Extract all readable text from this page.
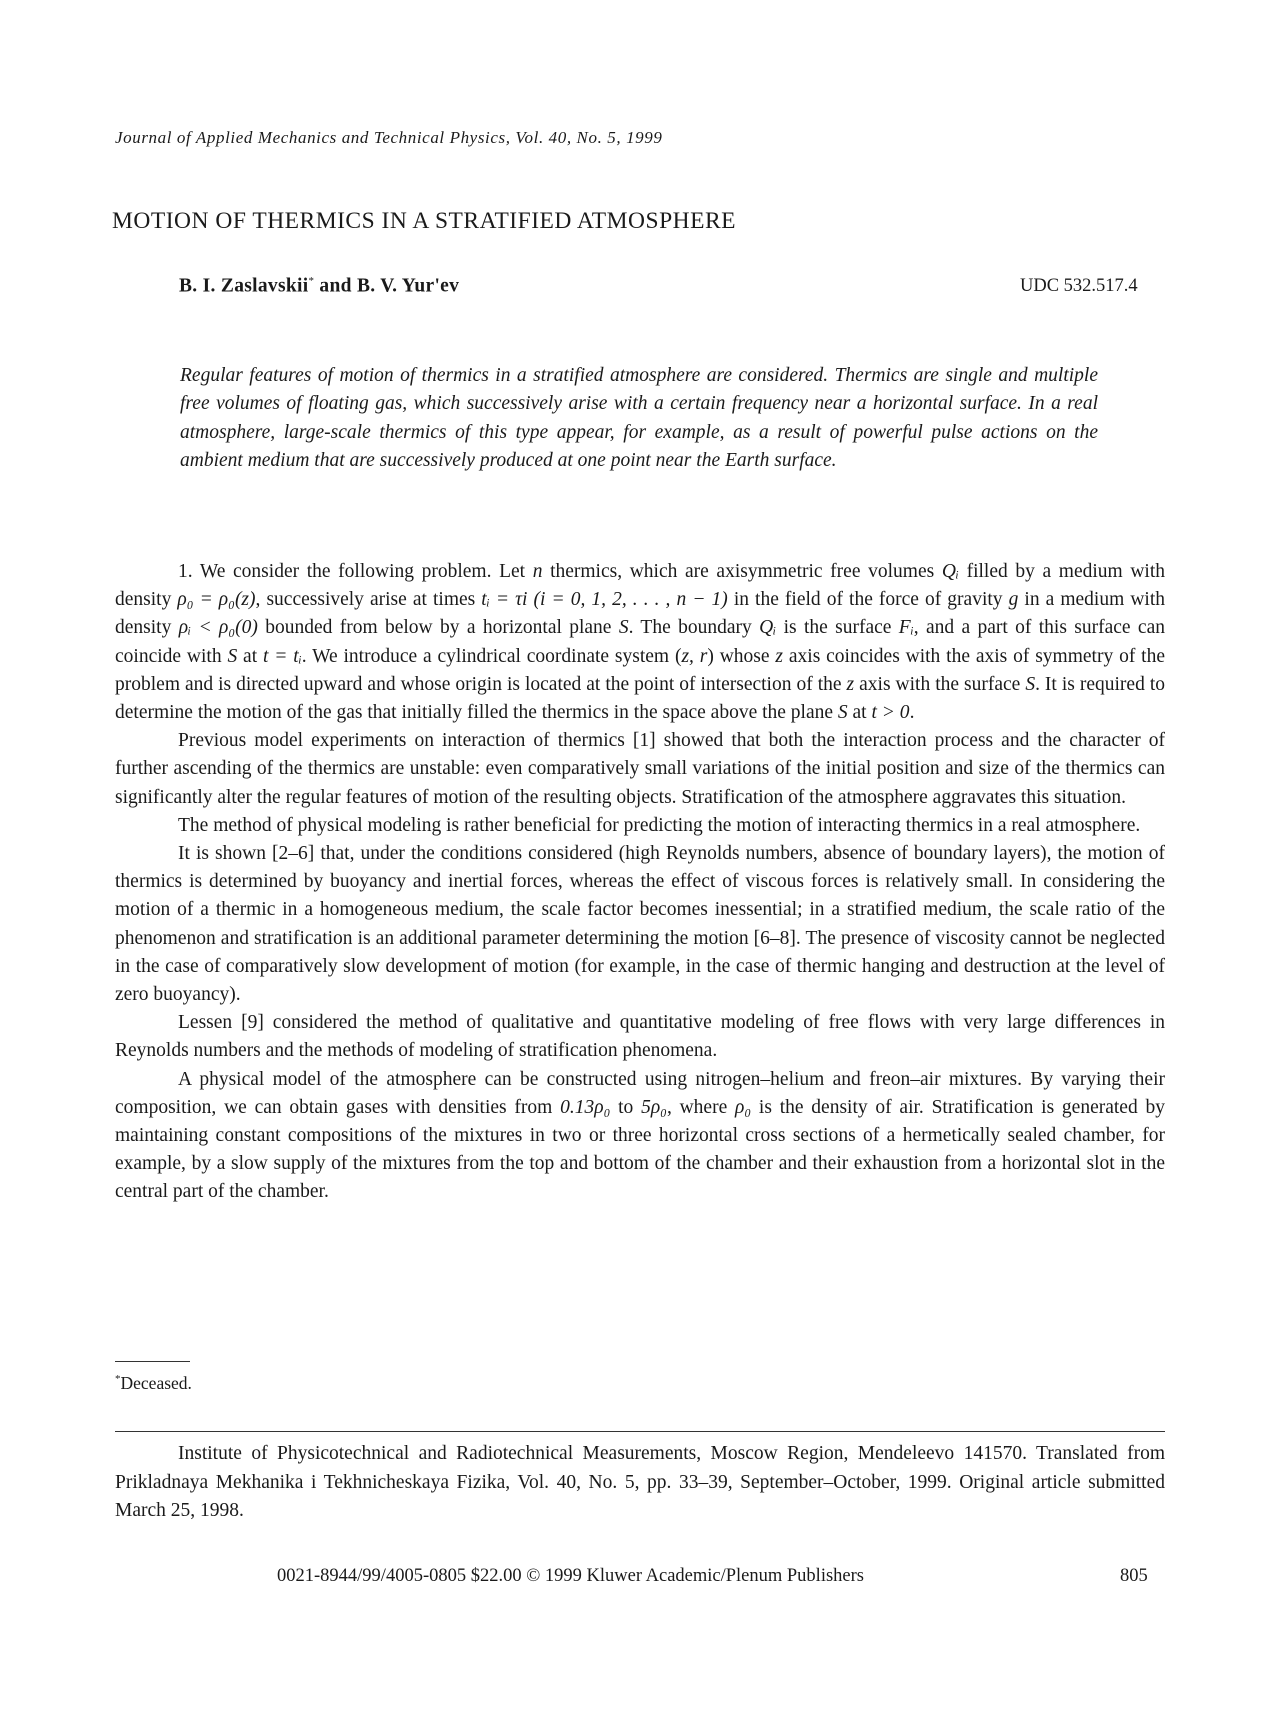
Journal of Applied Mechanics and Technical Physics, Vol. 40, No. 5, 1999
MOTION OF THERMICS IN A STRATIFIED ATMOSPHERE
B. I. Zaslavskii* and B. V. Yur'ev	UDC 532.517.4

Regular features of motion of thermics in a stratified atmosphere are considered. Thermics are single and multiple free volumes of floating gas, which successively arise with a certain frequency near a horizontal surface. In a real atmosphere, large-scale thermics of this type appear, for example, as a result of powerful pulse actions on the ambient medium that are successively produced at one point near the Earth surface.

1. We consider the following problem. Let n thermics, which are axisymmetric free volumes Qᵢ filled by a medium with density ρ₀ = ρ₀(z), successively arise at times tᵢ = τi (i = 0, 1, 2, . . . , n − 1) in the field of the force of gravity g in a medium with density ρᵢ < ρ₀(0) bounded from below by a horizontal plane S. The boundary Qᵢ is the surface Fᵢ, and a part of this surface can coincide with S at t = tᵢ. We introduce a cylindrical coordinate system (z, r) whose z axis coincides with the axis of symmetry of the problem and is directed upward and whose origin is located at the point of intersection of the z axis with the surface S. It is required to determine the motion of the gas that initially filled the thermics in the space above the plane S at t > 0.

Previous model experiments on interaction of thermics [1] showed that both the interaction process and the character of further ascending of the thermics are unstable: even comparatively small variations of the initial position and size of the thermics can significantly alter the regular features of motion of the resulting objects. Stratification of the atmosphere aggravates this situation.

The method of physical modeling is rather beneficial for predicting the motion of interacting thermics in a real atmosphere.

It is shown [2–6] that, under the conditions considered (high Reynolds numbers, absence of boundary layers), the motion of thermics is determined by buoyancy and inertial forces, whereas the effect of viscous forces is relatively small. In considering the motion of a thermic in a homogeneous medium, the scale factor becomes inessential; in a stratified medium, the scale ratio of the phenomenon and stratification is an additional parameter determining the motion [6–8]. The presence of viscosity cannot be neglected in the case of comparatively slow development of motion (for example, in the case of thermic hanging and destruction at the level of zero buoyancy).

Lessen [9] considered the method of qualitative and quantitative modeling of free flows with very large differences in Reynolds numbers and the methods of modeling of stratification phenomena.

A physical model of the atmosphere can be constructed using nitrogen–helium and freon–air mixtures. By varying their composition, we can obtain gases with densities from 0.13ρ₀ to 5ρ₀, where ρ₀ is the density of air. Stratification is generated by maintaining constant compositions of the mixtures in two or three horizontal cross sections of a hermetically sealed chamber, for example, by a slow supply of the mixtures from the top and bottom of the chamber and their exhaustion from a horizontal slot in the central part of the chamber.

*Deceased.

Institute of Physicotechnical and Radiotechnical Measurements, Moscow Region, Mendeleevo 141570. Translated from Prikladnaya Mekhanika i Tekhnicheskaya Fizika, Vol. 40, No. 5, pp. 33–39, September–October, 1999. Original article submitted March 25, 1998.

0021-8944/99/4005-0805 $22.00 © 1999 Kluwer Academic/Plenum Publishers	805
